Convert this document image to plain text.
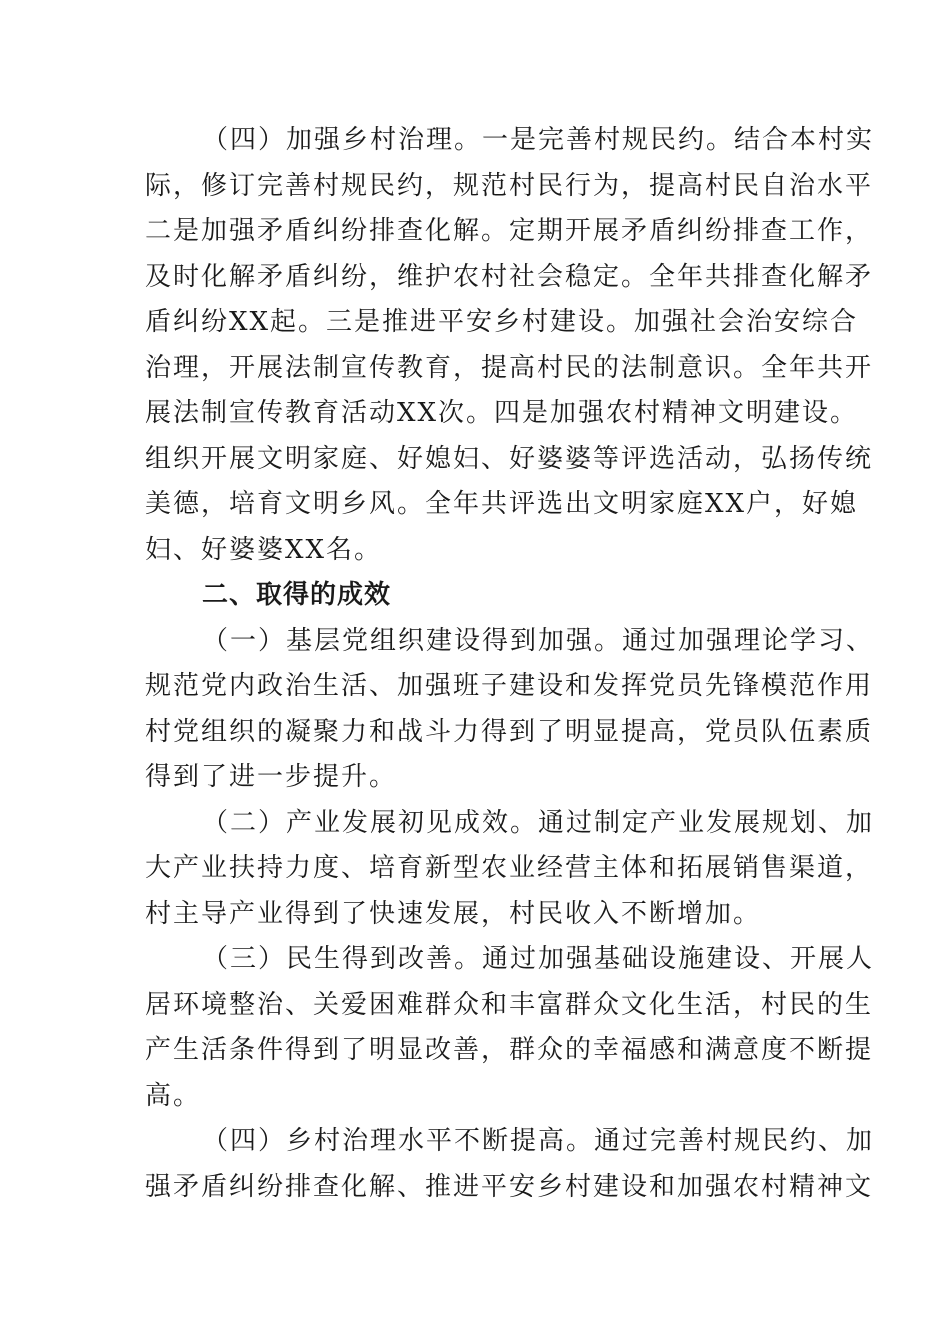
（四）加强乡村治理。一是完善村规民约。结合本村实
际，修订完善村规民约，规范村民行为，提高村民自治水平
二是加强矛盾纠纷排查化解。定期开展矛盾纠纷排查工作，
及时化解矛盾纠纷，维护农村社会稳定。全年共排查化解矛
盾纠纷XX起。三是推进平安乡村建设。加强社会治安综合
治理，开展法制宣传教育，提高村民的法制意识。全年共开
展法制宣传教育活动XX次。四是加强农村精神文明建设。
组织开展文明家庭、好媳妇、好婆婆等评选活动，弘扬传统
美德，培育文明乡风。全年共评选出文明家庭XX户，好媳
妇、好婆婆XX名。
二、取得的成效
（一）基层党组织建设得到加强。通过加强理论学习、
规范党内政治生活、加强班子建设和发挥党员先锋模范作用
村党组织的凝聚力和战斗力得到了明显提高，党员队伍素质
得到了进一步提升。
（二）产业发展初见成效。通过制定产业发展规划、加
大产业扶持力度、培育新型农业经营主体和拓展销售渠道，
村主导产业得到了快速发展，村民收入不断增加。
（三）民生得到改善。通过加强基础设施建设、开展人
居环境整治、关爱困难群众和丰富群众文化生活，村民的生
产生活条件得到了明显改善，群众的幸福感和满意度不断提
高。
（四）乡村治理水平不断提高。通过完善村规民约、加
强矛盾纠纷排查化解、推进平安乡村建设和加强农村精神文
